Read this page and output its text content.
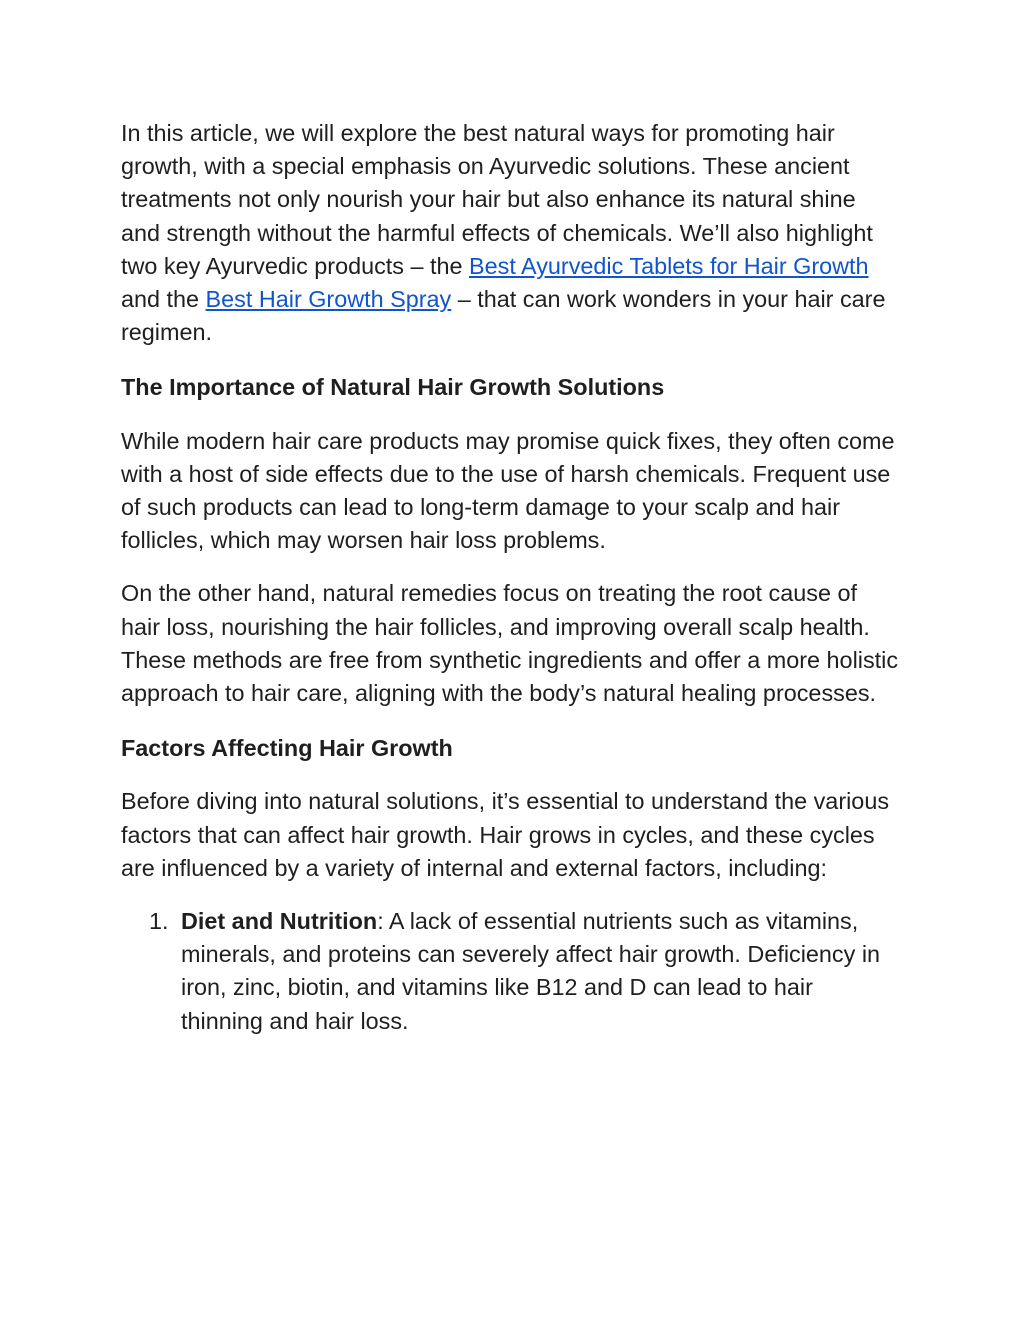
In this article, we will explore the best natural ways for promoting hair growth, with a special emphasis on Ayurvedic solutions. These ancient treatments not only nourish your hair but also enhance its natural shine and strength without the harmful effects of chemicals. We’ll also highlight two key Ayurvedic products – the Best Ayurvedic Tablets for Hair Growth and the Best Hair Growth Spray – that can work wonders in your hair care regimen.

The Importance of Natural Hair Growth Solutions

While modern hair care products may promise quick fixes, they often come with a host of side effects due to the use of harsh chemicals. Frequent use of such products can lead to long-term damage to your scalp and hair follicles, which may worsen hair loss problems.

On the other hand, natural remedies focus on treating the root cause of hair loss, nourishing the hair follicles, and improving overall scalp health. These methods are free from synthetic ingredients and offer a more holistic approach to hair care, aligning with the body’s natural healing processes.

Factors Affecting Hair Growth

Before diving into natural solutions, it’s essential to understand the various factors that can affect hair growth. Hair grows in cycles, and these cycles are influenced by a variety of internal and external factors, including:

1. Diet and Nutrition: A lack of essential nutrients such as vitamins, minerals, and proteins can severely affect hair growth. Deficiency in iron, zinc, biotin, and vitamins like B12 and D can lead to hair thinning and hair loss.
